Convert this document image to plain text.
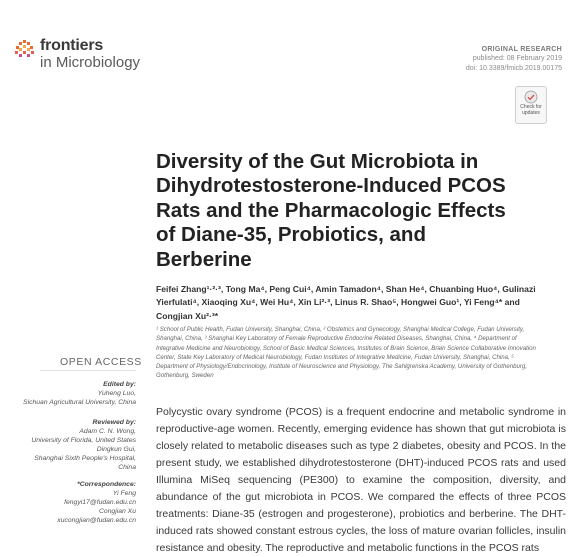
frontiers
in Microbiology
ORIGINAL RESEARCH
published: 08 February 2019
doi: 10.3389/fmicb.2019.00175
Check for
updates
Diversity of the Gut Microbiota in
Dihydrotestosterone-Induced PCOS
Rats and the Pharmacologic Effects
of Diane-35, Probiotics, and
Berberine

Feifei Zhang¹·²·³, Tong Ma⁴, Peng Cui⁴, Amin Tamadon⁴, Shan He⁴, Chuanbing Huo⁴, Gulinazi Yierfulati⁴, Xiaoqing Xu⁴, Wei Hu⁴, Xin Li²·³, Linus R. Shao⁵, Hongwei Guo¹, Yi Feng⁴* and Congjian Xu²·³*

¹ School of Public Health, Fudan University, Shanghai, China, ² Obstetrics and Gynecology, Shanghai Medical College, Fudan University, Shanghai, China, ³ Shanghai Key Laboratory of Female Reproductive Endocrine Related Diseases, Shanghai, China, ⁴ Department of Integrative Medicine and Neurobiology, School of Basic Medical Sciences, Institutes of Brain Science, Brain Science Collaborative Innovation Center, State Key Laboratory of Medical Neurobiology, Fudan Institutes of Integrative Medicine, Fudan University, Shanghai, China, ⁵ Department of Physiology/Endocrinology, Institute of Neuroscience and Physiology, The Sahlgrenska Academy, University of Gothenburg, Gothenburg, Sweden

OPEN ACCESS
Edited by:
Yuheng Luo,
Sichuan Agricultural University, China
Reviewed by:
Adam C. N. Wong,
University of Florida, United States
Dingkun Gui,
Shanghai Sixth People's Hospital,
China
*Correspondence:
Yi Feng
fengyi17@fudan.edu.cn
Congjian Xu
xucongjian@fudan.edu.cn

Polycystic ovary syndrome (PCOS) is a frequent endocrine and metabolic syndrome in reproductive-age women. Recently, emerging evidence has shown that gut microbiota is closely related to metabolic diseases such as type 2 diabetes, obesity and PCOS. In the present study, we established dihydrotestosterone (DHT)-induced PCOS rats and used Illumina MiSeq sequencing (PE300) to examine the composition, diversity, and abundance of the gut microbiota in PCOS. We compared the effects of three PCOS treatments: Diane-35 (estrogen and progesterone), probiotics and berberine. The DHT-induced rats showed constant estrous cycles, the loss of mature ovarian follicles, insulin resistance and obesity. The reproductive and metabolic functions in the PCOS rats
